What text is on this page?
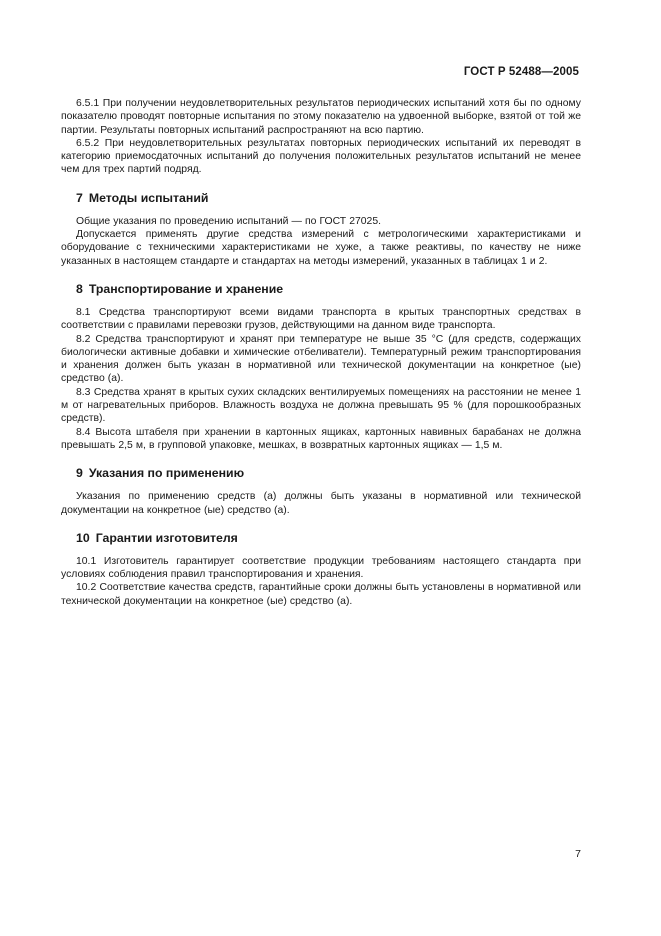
ГОСТ Р 52488—2005

6.5.1 При получении неудовлетворительных результатов периодических испытаний хотя бы по одному показателю проводят повторные испытания по этому показателю на удвоенной выборке, взятой от той же партии. Результаты повторных испытаний распространяют на всю партию.

6.5.2 При неудовлетворительных результатах повторных периодических испытаний их переводят в категорию приемосдаточных испытаний до получения положительных результатов испытаний не менее чем для трех партий подряд.

7 Методы испытаний

Общие указания по проведению испытаний — по ГОСТ 27025.

Допускается применять другие средства измерений с метрологическими характеристиками и оборудование с техническими характеристиками не хуже, а также реактивы, по качеству не ниже указанных в настоящем стандарте и стандартах на методы измерений, указанных в таблицах 1 и 2.

8 Транспортирование и хранение

8.1 Средства транспортируют всеми видами транспорта в крытых транспортных средствах в соответствии с правилами перевозки грузов, действующими на данном виде транспорта.

8.2 Средства транспортируют и хранят при температуре не выше 35 °С (для средств, содержащих биологически активные добавки и химические отбеливатели). Температурный режим транспортирования и хранения должен быть указан в нормативной или технической документации на конкретное (ые) средство (а).

8.3 Средства хранят в крытых сухих складских вентилируемых помещениях на расстоянии не менее 1 м от нагревательных приборов. Влажность воздуха не должна превышать 95 % (для порошкообразных средств).

8.4 Высота штабеля при хранении в картонных ящиках, картонных навивных барабанах не должна превышать 2,5 м, в групповой упаковке, мешках, в возвратных картонных ящиках — 1,5 м.

9 Указания по применению

Указания по применению средств (а) должны быть указаны в нормативной или технической документации на конкретное (ые) средство (а).

10 Гарантии изготовителя

10.1 Изготовитель гарантирует соответствие продукции требованиям настоящего стандарта при условиях соблюдения правил транспортирования и хранения.

10.2 Соответствие качества средств, гарантийные сроки должны быть установлены в нормативной или технической документации на конкретное (ые) средство (а).

7
